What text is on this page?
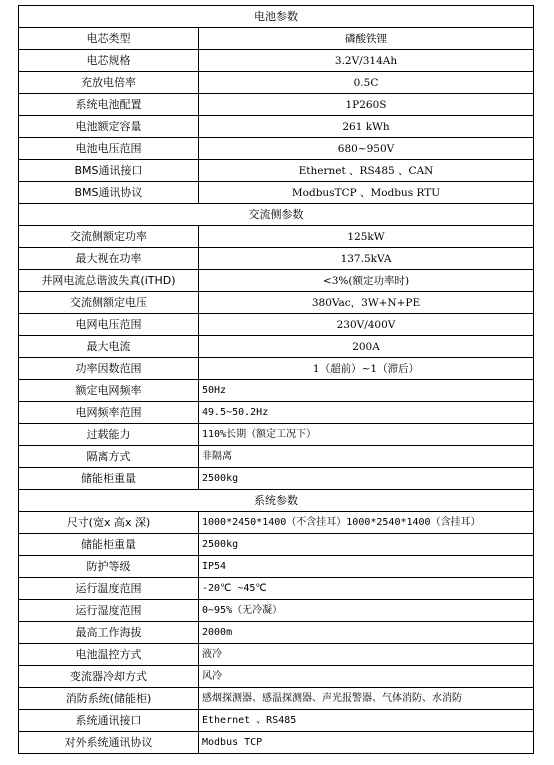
电池参数	
电芯类型	磷酸铁锂
电芯规格	3.2V/314Ah
充放电倍率	0.5C
系统电池配置	1P260S
电池额定容量	261 kWh
电池电压范围	680~950V
BMS通讯接口	Ethernet 、RS485 、CAN
BMS通讯协议	ModbusTCP 、Modbus RTU
交流侧参数	
交流侧额定功率	125kW
最大视在功率	137.5kVA
并网电流总谐波失真(iTHD)	<3%(额定功率时)
交流侧额定电压	380Vac，3W+N+PE
电网电压范围	230V/400V
最大电流	200A
功率因数范围	1（超前）~1（滞后）
额定电网频率	50Hz
电网频率范围	49.5~50.2Hz
过载能力	110%长期（额定工况下）
隔离方式	非隔离
储能柜重量	2500kg
系统参数	
尺寸(宽x 高x 深)	1000*2450*1400（不含挂耳）1000*2540*1400（含挂耳）
储能柜重量	2500kg
防护等级	IP54
运行温度范围	-20℃ ~45℃
运行湿度范围	0~95%（无冷凝）
最高工作海拔	2000m
电池温控方式	液冷
变流器冷却方式	风冷
消防系统(储能柜)	感烟探测器、感温探测器、声光报警器、气体消防、水消防
系统通讯接口	Ethernet 、RS485
对外系统通讯协议	Modbus TCP
